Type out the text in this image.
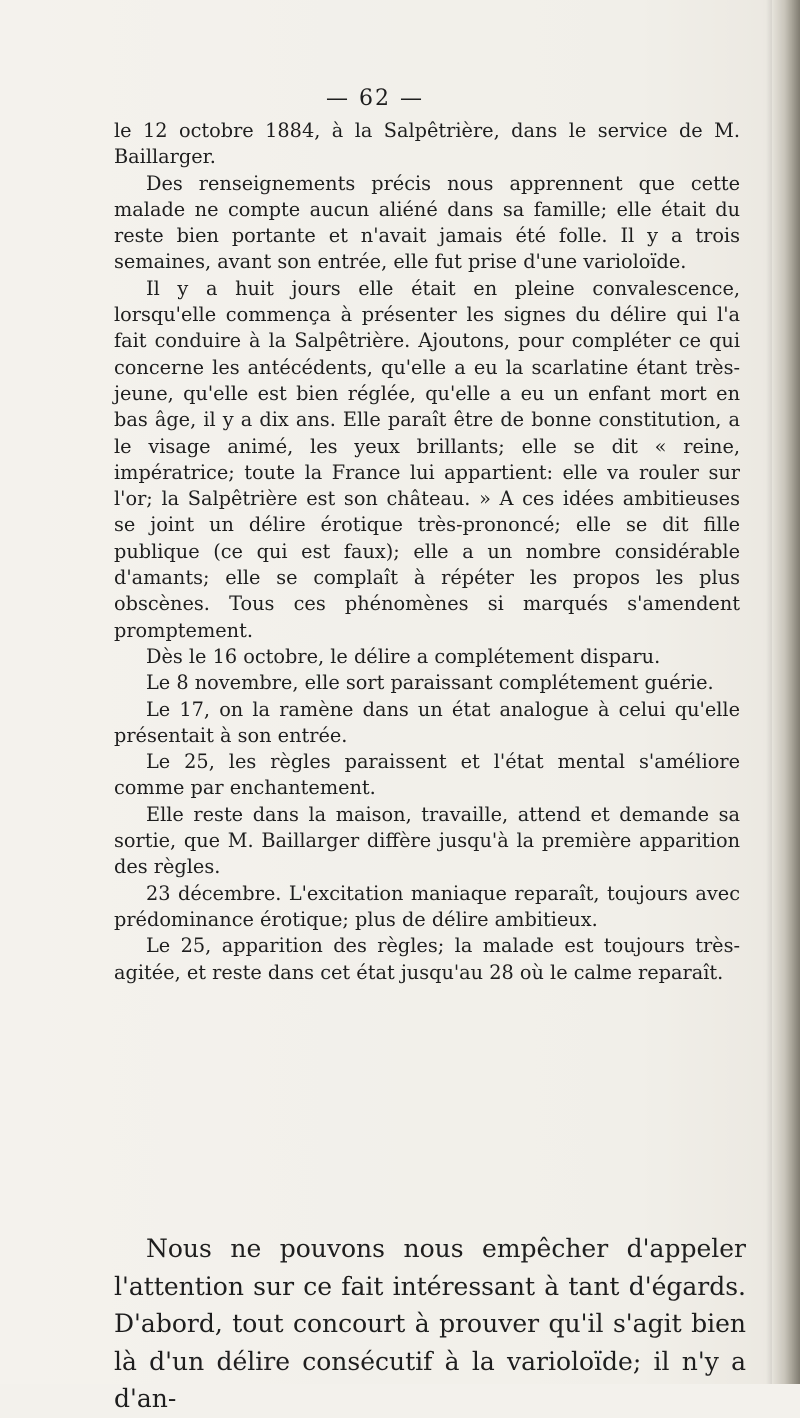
— 62 —

le 12 octobre 1884, à la Salpêtrière, dans le service de M. Baillarger.

Des renseignements précis nous apprennent que cette malade ne compte aucun aliéné dans sa famille; elle était du reste bien portante et n'avait jamais été folle. Il y a trois semaines, avant son entrée, elle fut prise d'une varioloïde.

Il y a huit jours elle était en pleine convalescence, lorsqu'elle commença à présenter les signes du délire qui l'a fait conduire à la Salpêtrière. Ajoutons, pour compléter ce qui concerne les antécédents, qu'elle a eu la scarlatine étant très-jeune, qu'elle est bien réglée, qu'elle a eu un enfant mort en bas âge, il y a dix ans. Elle paraît être de bonne constitution, a le visage animé, les yeux brillants; elle se dit « reine, impératrice; toute la France lui appartient: elle va rouler sur l'or; la Salpêtrière est son château. » A ces idées ambitieuses se joint un délire érotique très-prononcé; elle se dit fille publique (ce qui est faux); elle a un nombre considérable d'amants; elle se complaît à répéter les propos les plus obscènes. Tous ces phénomènes si marqués s'amendent promptement.

Dès le 16 octobre, le délire a complétement disparu.

Le 8 novembre, elle sort paraissant complétement guérie.

Le 17, on la ramène dans un état analogue à celui qu'elle présentait à son entrée.

Le 25, les règles paraissent et l'état mental s'améliore comme par enchantement.

Elle reste dans la maison, travaille, attend et demande sa sortie, que M. Baillarger diffère jusqu'à la première apparition des règles.

23 décembre. L'excitation maniaque reparaît, toujours avec prédominance érotique; plus de délire ambitieux.

Le 25, apparition des règles; la malade est toujours très-agitée, et reste dans cet état jusqu'au 28 où le calme reparaît.

Nous ne pouvons nous empêcher d'appeler l'attention sur ce fait intéressant à tant d'égards. D'abord, tout concourt à prouver qu'il s'agit bien là d'un délire consécutif à la varioloïde; il n'y a d'an-
